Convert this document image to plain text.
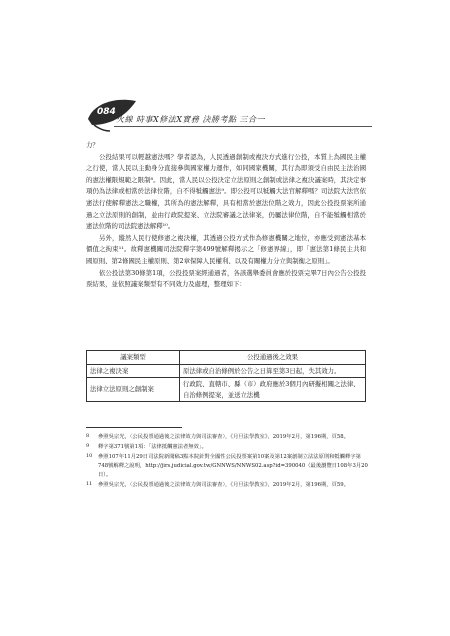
084
火線 時事X修法X實務 決勝考點 三合一

力？

公投結果可以輕越憲法嗎？學者認為，人民透過創制或複決方式進行公投，本質上為國民主權之行使，當人民以主動身分直接參與國家權力運作，如同國家機關，其行為即須受自由民主法治國的憲法權限規範之限制⁸。因此，當人民以公投決定立法原則之創制或法律之複決議案時，其決定事項仍為法律或相當於法律位階，自不得牴觸憲法⁹。即公投可以牴觸大法官解釋嗎？司法院大法官依憲法行使解釋憲法之職權，其所為的憲法解釋，具有相當於憲法位階之效力，因此公投投票案所通過之立法原則的創制，並由行政院提案、立法院審議之法律案，仍屬法律位階，自不能牴觸相當於憲法位階的司法院憲法解釋¹⁰。

另外，縱然人民行使修憲之複決權，其透過公投方式作為修憲機關之地位，亦應受到憲法基本價值之拘束¹¹。故釋憲機關司法院釋字第499號解釋揭示之「修憲界線」，即「憲法第1條民主共和國原則、第2條國民主權原則、第2章保障人民權利、以及有關權力分立與制衡之原則」。

依公投法第30條第1項，公投投票案經通過者，各該選舉委員會應於投票完畢7日內公告公投投票結果，並依照議案類型有不同效力及處理，整理如下：

議案類型	公投通過後之效果
法律之複決案	原法律或自治條例於公告之日算至第3日起，失其效力。
法律立法原則之創制案	行政院、直轄市、縣（市）政府應於3個月內研擬相關之法律、自治條例提案，並送立法機
8 參照吳宗光，〈公民投票通過後之法律效力與司法審查〉，《月旦法學教室》，2019年2月，第196期，頁58。
9 釋字第371號第1項：「法律抵觸憲法者無效」。
10 參照107年11月29日司法院新聞稿3點本院針對全國性公民投票案第10案及第12案創制立法法原則和牴觸釋字第748號解釋之說明，http://jirs.judicial.gov.tw/GNNWS/NNWS02.asp?id=390040（最後瀏覽日108年3月20日）。
11 參照吳宗光，〈公民投票通過後之法律效力與司法審查〉，《月旦法學教室》，2019年2月，第196期，頁59。
